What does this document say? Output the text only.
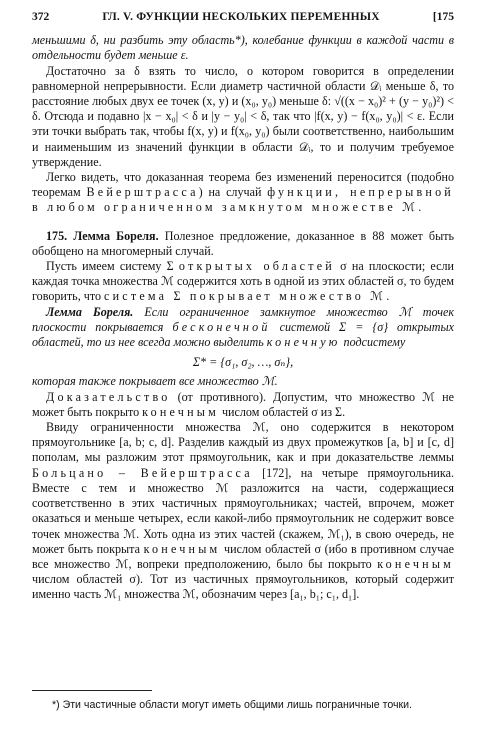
372	ГЛ. V. ФУНКЦИИ НЕСКОЛЬКИХ ПЕРЕМЕННЫХ	[175

меньшими δ, ни разбить эту область*), колебание функции в каждой части в отдельности будет меньше ε.

Достаточно за δ взять то число, о котором говорится в определении равномерной непрерывности. Если диаметр частичной области 𝒟ᵢ меньше δ, то расстояние любых двух ее точек (x, y) и (x₀, y₀) меньше δ: √((x − x₀)² + (y − y₀)²) < δ. Отсюда и подавно |x − x₀| < δ и |y − y₀| < δ, так что |f(x, y) − f(x₀, y₀)| < ε. Если эти точки выбрать так, чтобы f(x, y) и f(x₀, y₀) были соответственно, наибольшим и наименьшим из значений функции в области 𝒟ᵢ, то и получим требуемое утверждение.

Легко видеть, что доказанная теорема без изменений переносится (подобно теоремам Вейерштрасса) на случай функции, непрерывной в любом ограниченном замкнутом множестве ℳ.

175. Лемма Бореля. Полезное предложение, доказанное в 88 может быть обобщено на многомерный случай.

Пусть имеем систему Σ открытых областей σ на плоскости; если каждая точка множества ℳ содержится хоть в одной из этих областей σ, то будем говорить, что система Σ покрывает множество ℳ.

Лемма Бореля. Если ограниченное замкнутое множество ℳ точек плоскости покрывается бесконечной системой Σ = {σ} открытых областей, то из нее всегда можно выделить конечную подсистему

Σ* = {σ₁, σ₂, …, σₙ},

которая также покрывает все множество ℳ.

Доказательство (от противного). Допустим, что множество ℳ не может быть покрыто конечным числом областей σ из Σ.

Ввиду ограниченности множества ℳ, оно содержится в некотором прямоугольнике [a, b; c, d]. Разделив каждый из двух промежутков [a, b] и [c, d] пополам, мы разложим этот прямоугольник, как и при доказательстве леммы Больцано – Вейерштрасса [172], на четыре прямоугольника. Вместе с тем и множество ℳ разложится на части, содержащиеся соответственно в этих частичных прямоугольниках; частей, впрочем, может оказаться и меньше четырех, если какой-либо прямоугольник не содержит вовсе точек множества ℳ. Хоть одна из этих частей (скажем, ℳ₁), в свою очередь, не может быть покрыта конечным числом областей σ (ибо в противном случае все множество ℳ, вопреки предположению, было бы покрыто конечным числом областей σ). Тот из частичных прямоугольников, который содержит именно часть ℳ₁ множества ℳ, обозначим через [a₁, b₁; c₁, d₁].

*) Эти частичные области могут иметь общими лишь пограничные точки.
